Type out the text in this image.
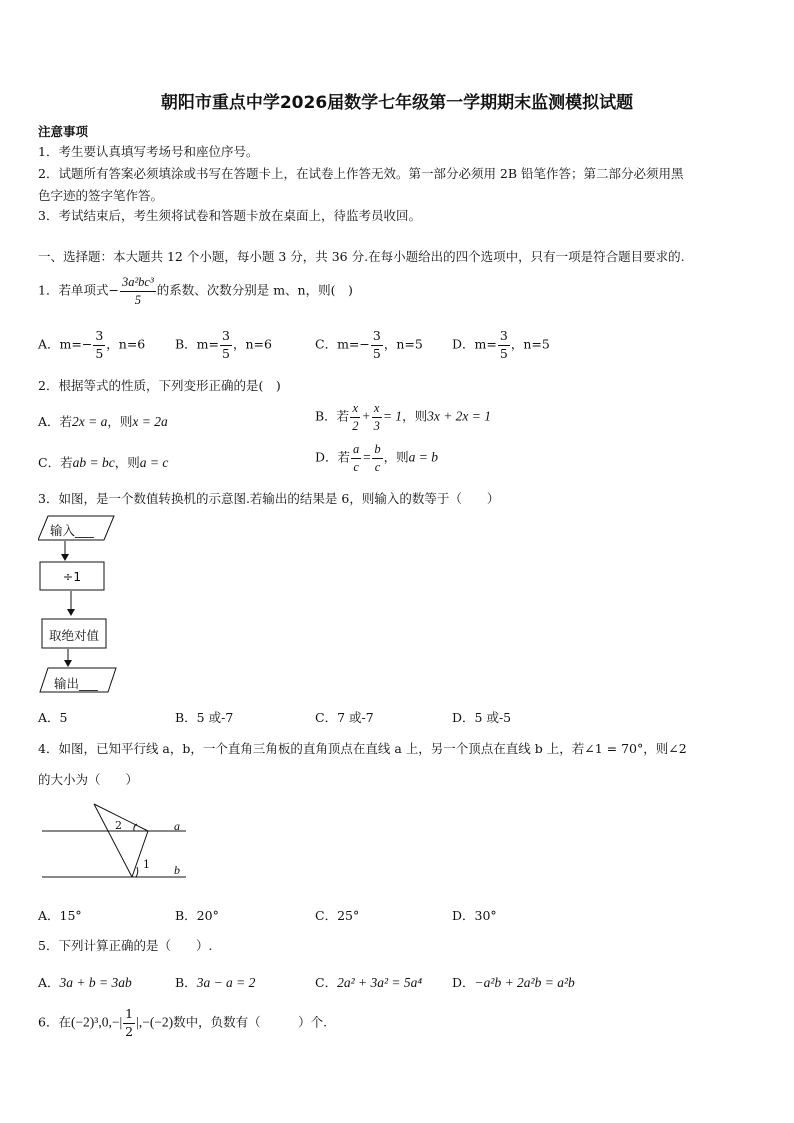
朝阳市重点中学2026届数学七年级第一学期期末监测模拟试题
注意事项
1．考生要认真填写考场号和座位序号。
2．试题所有答案必须填涂或书写在答题卡上，在试卷上作答无效。第一部分必须用 2B 铅笔作答；第二部分必须用黑
色字迹的签字笔作答。
3．考试结束后，考生须将试卷和答题卡放在桌面上，待监考员收回。
一、选择题：本大题共 12 个小题，每小题 3 分，共 36 分.在每小题给出的四个选项中，只有一项是符合题目要求的.
1．若单项式− $\frac{\text{3a²bc³}}{5}$ 的系数、次数分别是 m、n，则(　)
A．$m=- \frac{3}{5}$ ，n=6 B．$m= \frac{3}{5}$ ，n=6	C．$m=- \frac{3}{5}$ ，n=5 D．$m= \frac{3}{5}$ ，n=5
2．根据等式的性质，下列变形正确的是(　)
A．若2x = a，则x = 2a	B．若 $\frac{x}{2} + \frac{x}{3} = 1$，则3x + 2x = 1
C．若ab = bc，则a = c	D．若 $\frac{a}{c} = \frac{b}{c}$ ，则a = b
3．如图，是一个数值转换机的示意图.若输出的结果是 6，则输入的数等于（　　）
输入___
÷1
取绝对值
输出___
A．5	B．5 或-7	C．7 或-7	D．5 或-5
4．如图，已知平行线 a，b，一个直角三角板的直角顶点在直线 a 上，另一个顶点在直线 b 上，若∠1 = 70°，则∠2
的大小为（　　）
a
b
1
2
A．15°	B．20°	C．25°	D．30°
5．下列计算正确的是（　　）.
A．3a + b = 3ab	B．3a − a = 2	C．2a² + 3a² = 5a⁴ D．−a²b + 2a²b = a²b
6．在$(-2)^3,0,-| \frac{1}{2} |,-(-2)$数中，负数有（　　　）个.
